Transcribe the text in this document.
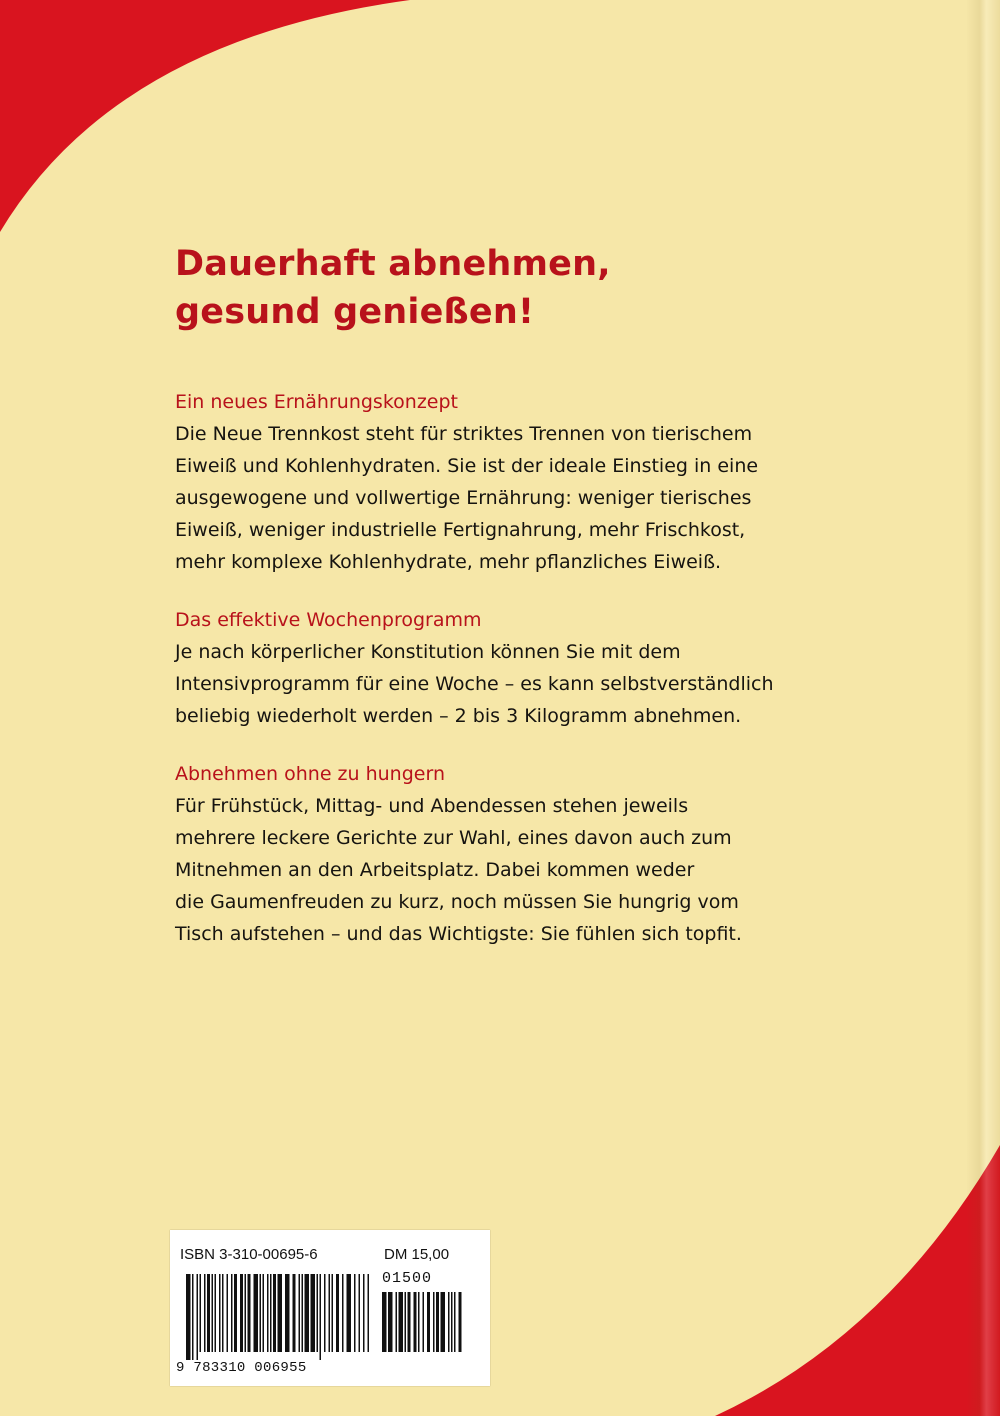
Dauerhaft abnehmen,
gesund genießen!

Ein neues Ernährungskonzept

Die Neue Trennkost steht für striktes Trennen von tierischem
Eiweiß und Kohlenhydraten. Sie ist der ideale Einstieg in eine
ausgewogene und vollwertige Ernährung: weniger tierisches
Eiweiß, weniger industrielle Fertignahrung, mehr Frischkost,
mehr komplexe Kohlenhydrate, mehr pflanzliches Eiweiß.

Das effektive Wochenprogramm

Je nach körperlicher Konstitution können Sie mit dem
Intensivprogramm für eine Woche – es kann selbstverständlich
beliebig wiederholt werden – 2 bis 3 Kilogramm abnehmen.

Abnehmen ohne zu hungern

Für Frühstück, Mittag- und Abendessen stehen jeweils
mehrere leckere Gerichte zur Wahl, eines davon auch zum
Mitnehmen an den Arbeitsplatz. Dabei kommen weder
die Gaumenfreuden zu kurz, noch müssen Sie hungrig vom
Tisch aufstehen – und das Wichtigste: Sie fühlen sich topfit.

ISBN 3-310-00695-6	DM 15,00
01500
9 783310 006955
